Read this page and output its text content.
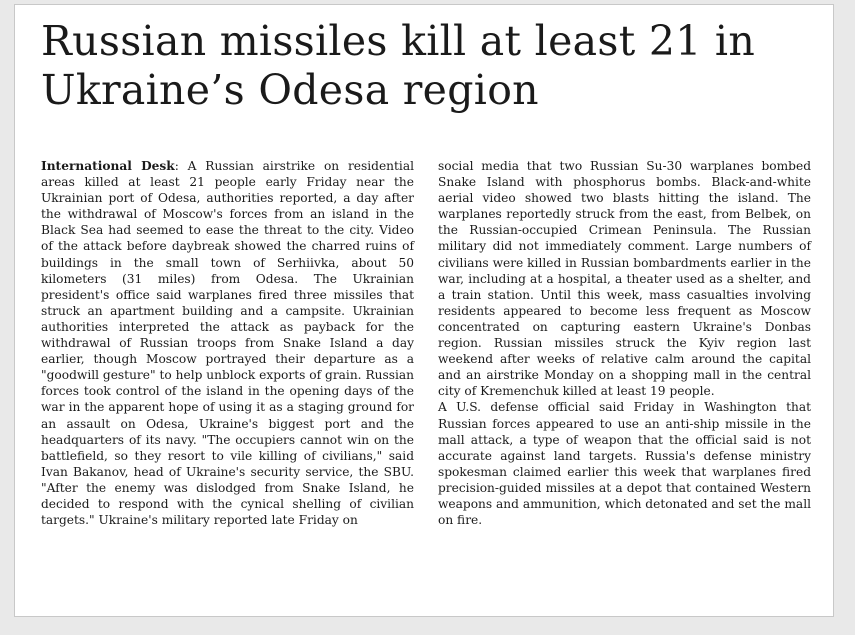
Russian missiles kill at least 21 in Ukraine’s Odesa region

International Desk: A Russian airstrike on residential areas killed at least 21 people early Friday near the Ukrainian port of Odesa, authorities reported, a day after the withdrawal of Moscow's forces from an island in the Black Sea had seemed to ease the threat to the city. Video of the attack before daybreak showed the charred ruins of buildings in the small town of Serhiivka, about 50 kilometers (31 miles) from Odesa. The Ukrainian president's office said warplanes fired three missiles that struck an apartment building and a campsite. Ukrainian authorities interpreted the attack as payback for the withdrawal of Russian troops from Snake Island a day earlier, though Moscow portrayed their departure as a "goodwill gesture" to help unblock exports of grain. Russian forces took control of the island in the opening days of the war in the apparent hope of using it as a staging ground for an assault on Odesa, Ukraine's biggest port and the headquarters of its navy. "The occupiers cannot win on the battlefield, so they resort to vile killing of civilians," said Ivan Bakanov, head of Ukraine's security service, the SBU. "After the enemy was dislodged from Snake Island, he decided to respond with the cynical shelling of civilian targets." Ukraine's military reported late Friday on

social media that two Russian Su-30 warplanes bombed Snake Island with phosphorus bombs. Black-and-white aerial video showed two blasts hitting the island. The warplanes reportedly struck from the east, from Belbek, on the Russian-occupied Crimean Peninsula. The Russian military did not immediately comment. Large numbers of civilians were killed in Russian bombardments earlier in the war, including at a hospital, a theater used as a shelter, and a train station. Until this week, mass casualties involving residents appeared to become less frequent as Moscow concentrated on capturing eastern Ukraine's Donbas region. Russian missiles struck the Kyiv region last weekend after weeks of relative calm around the capital and an airstrike Monday on a shopping mall in the central city of Kremenchuk killed at least 19 people.

A U.S. defense official said Friday in Washington that Russian forces appeared to use an anti-ship missile in the mall attack, a type of weapon that the official said is not accurate against land targets. Russia's defense ministry spokesman claimed earlier this week that warplanes fired precision-guided missiles at a depot that contained Western weapons and ammunition, which detonated and set the mall on fire.
